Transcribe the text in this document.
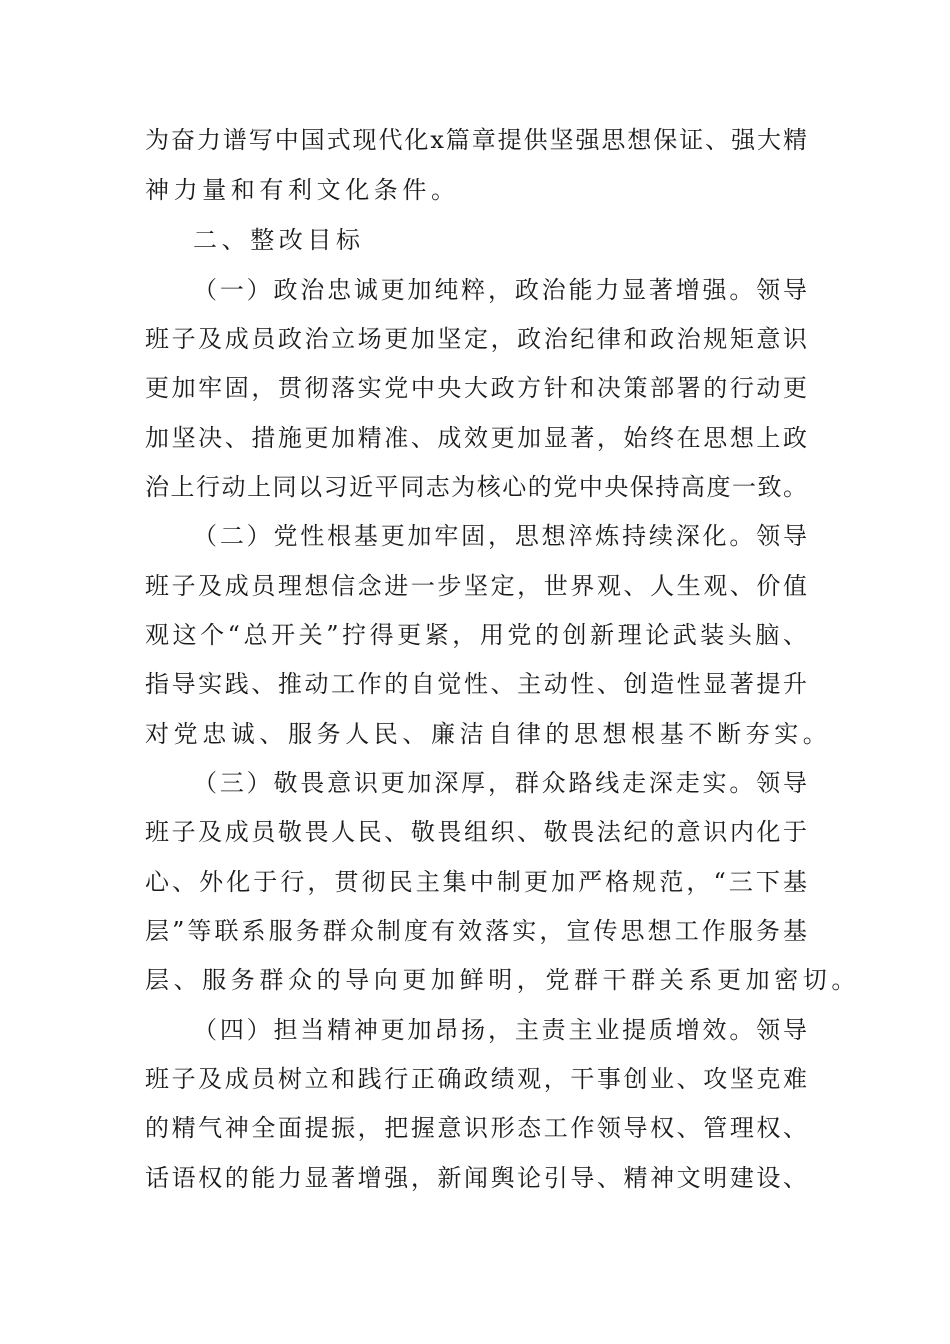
为奋力谱写中国式现代化x篇章提供坚强思想保证、强大精
神力量和有利文化条件。
二、整改目标
（一）政治忠诚更加纯粹，政治能力显著增强。领导
班子及成员政治立场更加坚定，政治纪律和政治规矩意识
更加牢固，贯彻落实党中央大政方针和决策部署的行动更
加坚决、措施更加精准、成效更加显著，始终在思想上政
治上行动上同以习近平同志为核心的党中央保持高度一致。
（二）党性根基更加牢固，思想淬炼持续深化。领导
班子及成员理想信念进一步坚定，世界观、人生观、价值
观这个“总开关”拧得更紧，用党的创新理论武装头脑、
指导实践、推动工作的自觉性、主动性、创造性显著提升
对党忠诚、服务人民、廉洁自律的思想根基不断夯实。
（三）敬畏意识更加深厚，群众路线走深走实。领导
班子及成员敬畏人民、敬畏组织、敬畏法纪的意识内化于
心、外化于行，贯彻民主集中制更加严格规范，“三下基
层”等联系服务群众制度有效落实，宣传思想工作服务基
层、服务群众的导向更加鲜明，党群干群关系更加密切。
（四）担当精神更加昂扬，主责主业提质增效。领导
班子及成员树立和践行正确政绩观，干事创业、攻坚克难
的精气神全面提振，把握意识形态工作领导权、管理权、
话语权的能力显著增强，新闻舆论引导、精神文明建设、
